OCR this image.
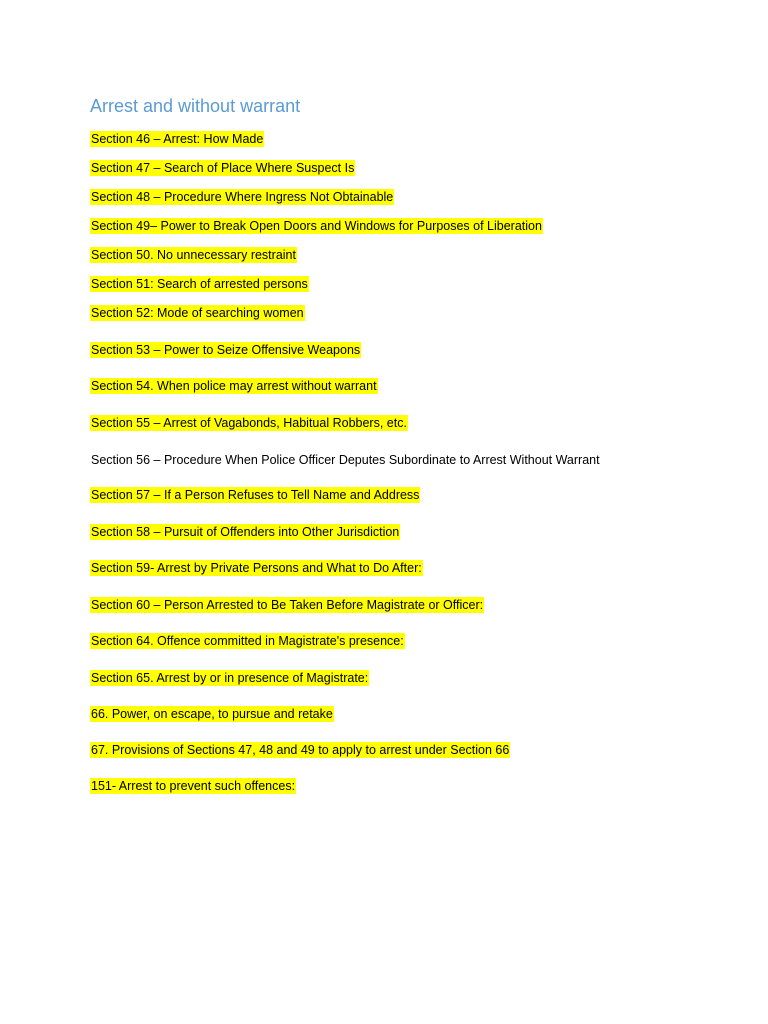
Arrest and without warrant
Section 46 – Arrest: How Made
Section 47 – Search of Place Where Suspect Is
Section 48 – Procedure Where Ingress Not Obtainable
Section 49– Power to Break Open Doors and Windows for Purposes of Liberation
Section 50. No unnecessary restraint
Section 51: Search of arrested persons
Section 52: Mode of searching women
Section 53 – Power to Seize Offensive Weapons
Section 54. When police may arrest without warrant
Section 55 – Arrest of Vagabonds, Habitual Robbers, etc.
Section 56 – Procedure When Police Officer Deputes Subordinate to Arrest Without Warrant
Section 57 – If a Person Refuses to Tell Name and Address
Section 58 – Pursuit of Offenders into Other Jurisdiction
Section 59- Arrest by Private Persons and What to Do After:
Section 60 – Person Arrested to Be Taken Before Magistrate or Officer:
Section 64. Offence committed in Magistrate's presence:
Section 65. Arrest by or in presence of Magistrate:
66. Power, on escape, to pursue and retake
67. Provisions of Sections 47, 48 and 49 to apply to arrest under Section 66
151- Arrest to prevent such offences:
